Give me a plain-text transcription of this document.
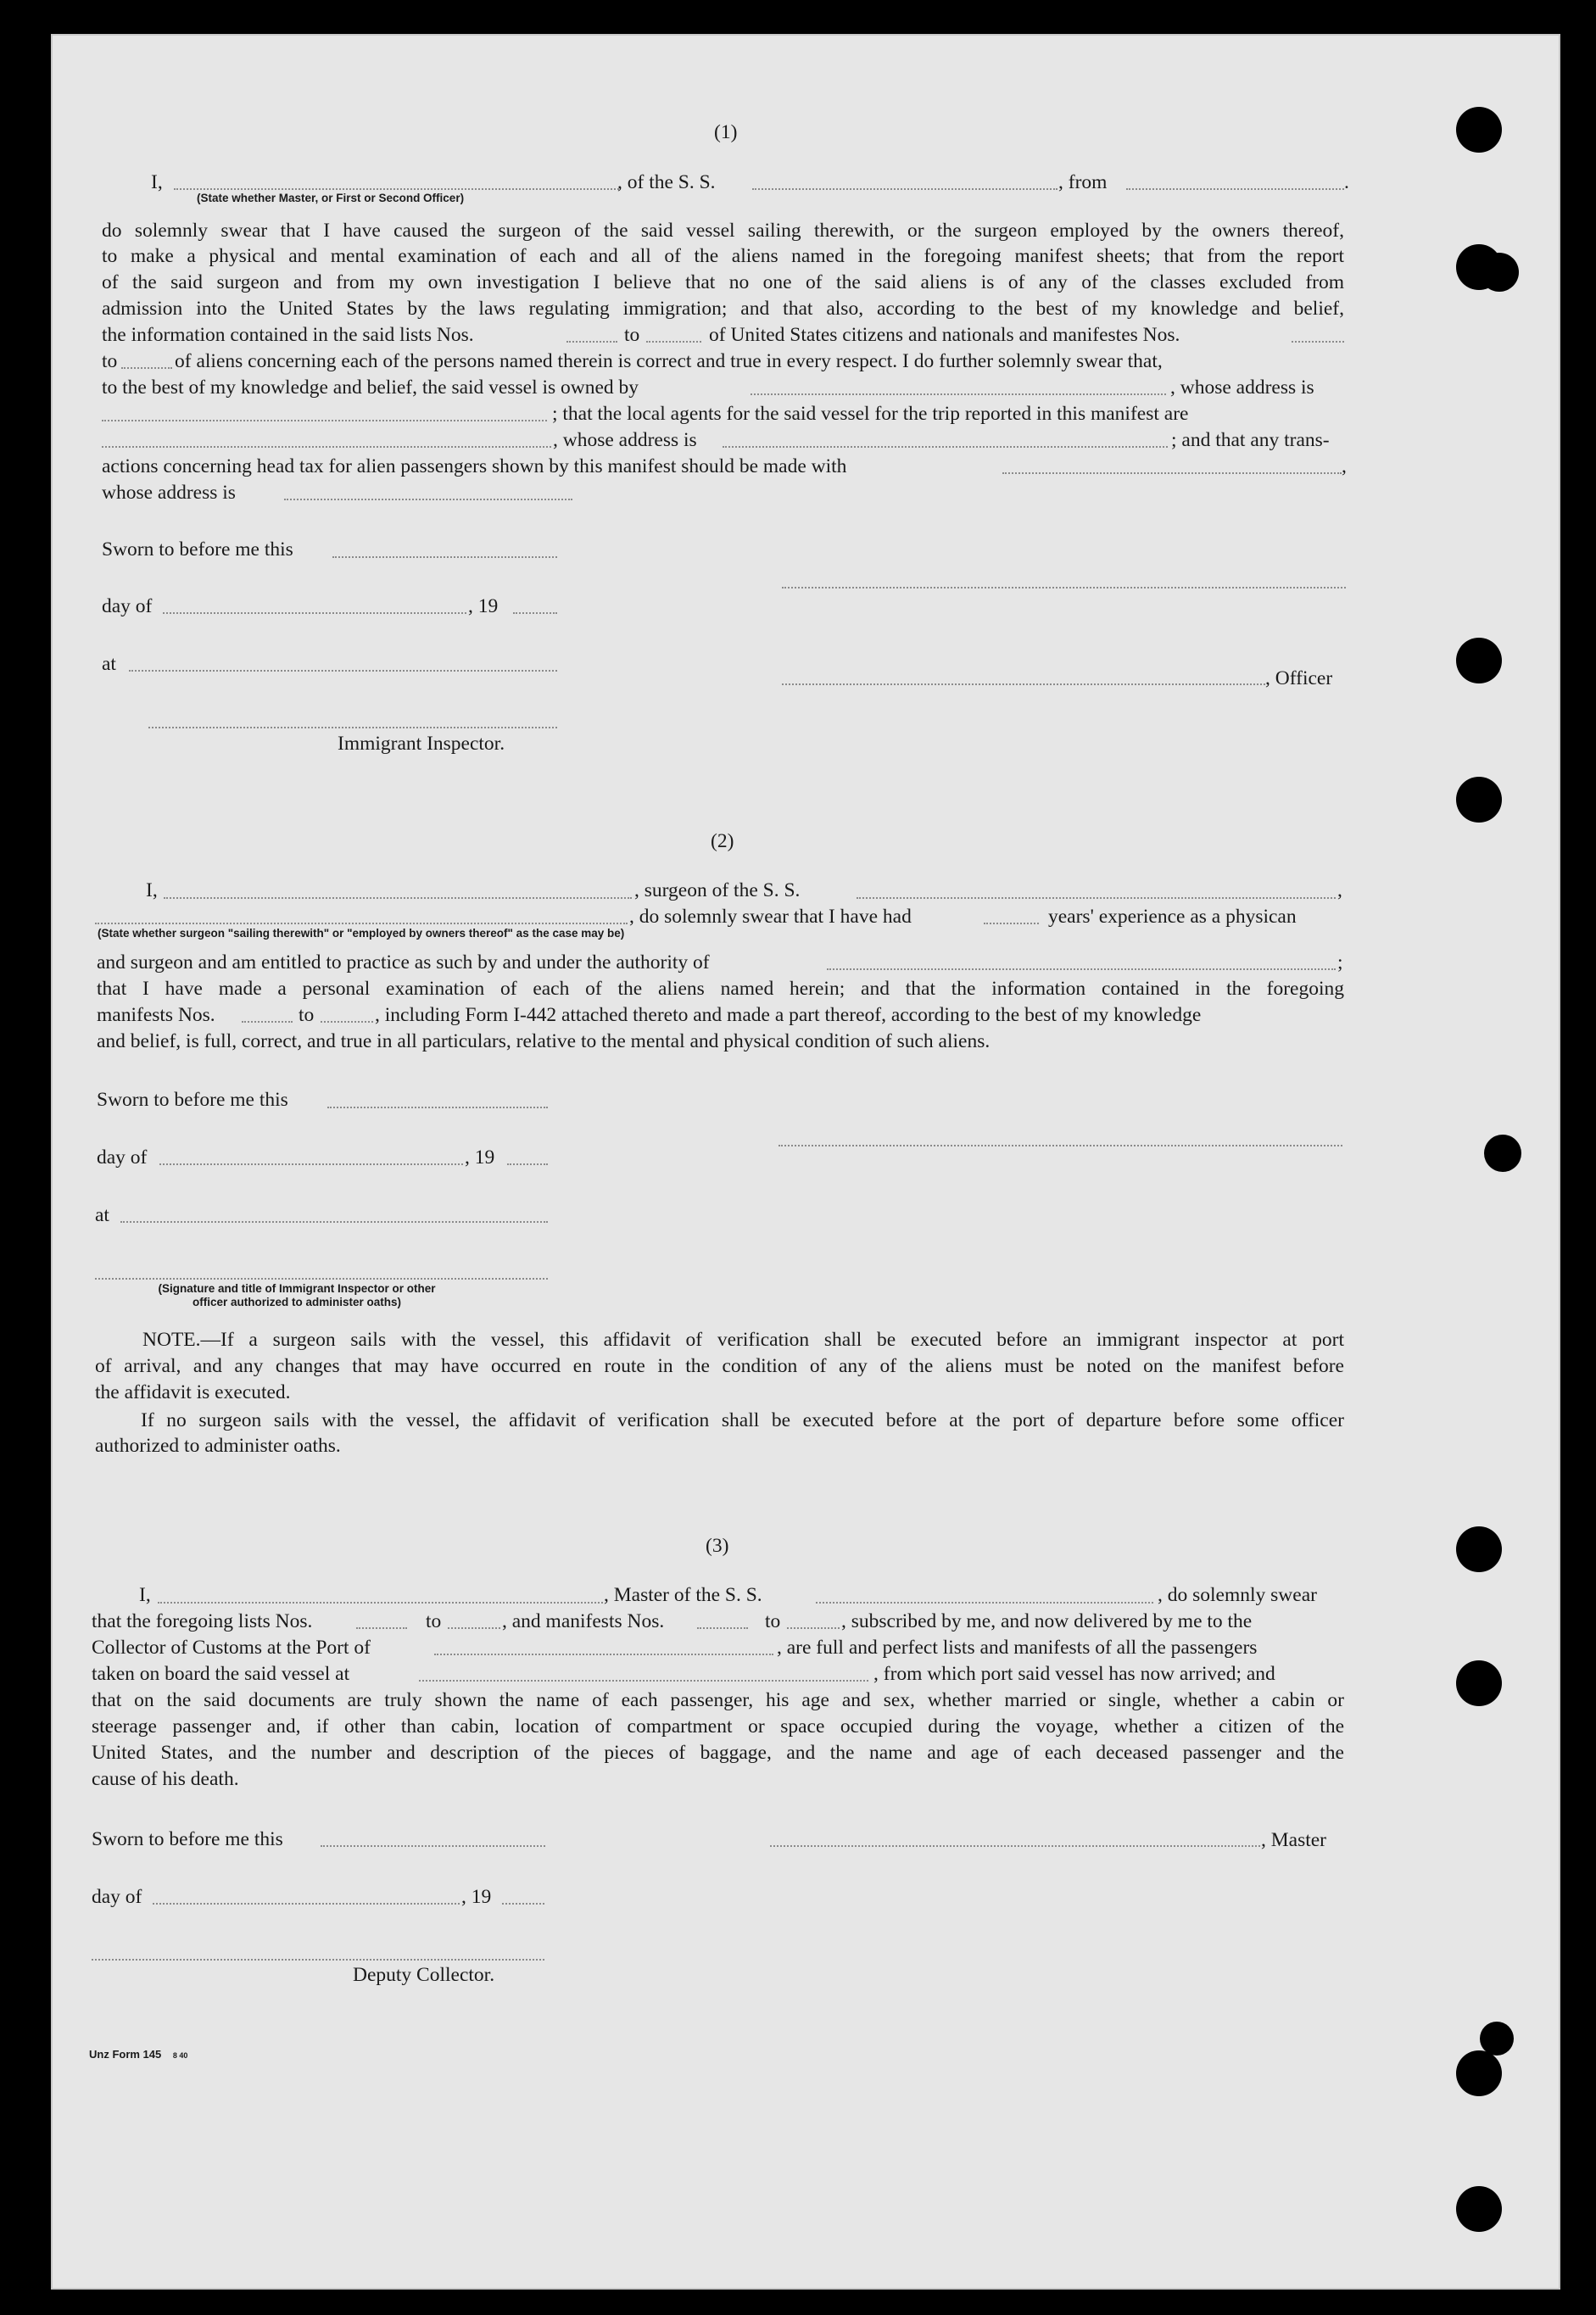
(1)
I,	, of the S. S.	, from	.
(State whether Master, or First or Second Officer)
do solemnly swear that I have caused the surgeon of the said vessel sailing therewith, or the surgeon employed by the owners thereof,
to make a physical and mental examination of each and all of the aliens named in the foregoing manifest sheets; that from the report
of the said surgeon and from my own investigation I believe that no one of the said aliens is of any of the classes excluded from
admission into the United States by the laws regulating immigration; and that also, according to the best of my knowledge and belief,
the information contained in the said lists Nos.	to	of United States citizens and nationals and manifestes Nos.
to	of aliens concerning each of the persons named therein is correct and true in every respect. I do further solemnly swear that,
to the best of my knowledge and belief, the said vessel is owned by	, whose address is
; that the local agents for the said vessel for the trip reported in this manifest are
, whose address is	; and that any trans-
actions concerning head tax for alien passengers shown by this manifest should be made with	,
whose address is
Sworn to before me this
day of	, 19
at
, Officer
Immigrant Inspector.
(2)
I,	, surgeon of the S. S.	,
, do solemnly swear that I have had	years' experience as a physican
(State whether surgeon "sailing therewith" or "employed by owners thereof" as the case may be)
and surgeon and am entitled to practice as such by and under the authority of	;
that I have made a personal examination of each of the aliens named herein; and that the information contained in the foregoing
manifests Nos.	to	, including Form I-442 attached thereto and made a part thereof, according to the best of my knowledge
and belief, is full, correct, and true in all particulars, relative to the mental and physical condition of such aliens.
Sworn to before me this
day of	, 19
at
(Signature and title of Immigrant Inspector or other
officer authorized to administer oaths)
NOTE.—If a surgeon sails with the vessel, this affidavit of verification shall be executed before an immigrant inspector at port
of arrival, and any changes that may have occurred en route in the condition of any of the aliens must be noted on the manifest before
the affidavit is executed.
If no surgeon sails with the vessel, the affidavit of verification shall be executed before at the port of departure before some officer
authorized to administer oaths.
(3)
I,	, Master of the S. S.	, do solemnly swear
that the foregoing lists Nos.	to	, and manifests Nos.	to	, subscribed by me, and now delivered by me to the
Collector of Customs at the Port of	, are full and perfect lists and manifests of all the passengers
taken on board the said vessel at	, from which port said vessel has now arrived; and
that on the said documents are truly shown the name of each passenger, his age and sex, whether married or single, whether a cabin or
steerage passenger and, if other than cabin, location of compartment or space occupied during the voyage, whether a citizen of the
United States, and the number and description of the pieces of baggage, and the name and age of each deceased passenger and the
cause of his death.
Sworn to before me this	, Master
day of	, 19
Deputy Collector.
Unz Form 145 8 40
